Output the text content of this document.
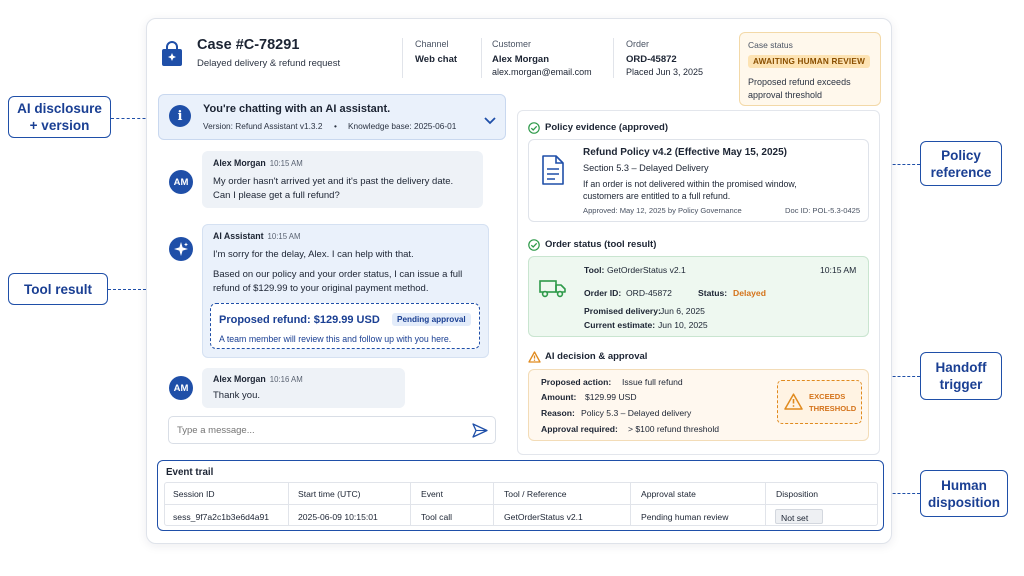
AI disclosure + version
Tool result
Policy reference
Handoff trigger
Human disposition
Case #C-78291
Delayed delivery & refund request
Channel
Web chat
Customer
Alex Morgan
alex.morgan@email.com
Order
ORD-45872
Placed Jun 3, 2025
Case status
AWAITING HUMAN REVIEW
Proposed refund exceeds approval threshold
i	You're chatting with an AI assistant.
Version: Refund Assistant v1.3.2 • Knowledge base: 2025-06-01
AM
Alex Morgan 10:15 AM
My order hasn't arrived yet and it's past the delivery date.
Can I please get a full refund?
AI Assistant 10:15 AM
I'm sorry for the delay, Alex. I can help with that.
Based on our policy and your order status, I can issue a full
refund of $129.99 to your original payment method.
Proposed refund: $129.99 USD	Pending approval
A team member will review this and follow up with you here.
AM
Alex Morgan 10:16 AM
Thank you.
Type a message...
Policy evidence (approved)
Refund Policy v4.2 (Effective May 15, 2025)
Section 5.3 – Delayed Delivery
If an order is not delivered within the promised window,
customers are entitled to a full refund.
Approved: May 12, 2025 by Policy Governance	Doc ID: POL-5.3-0425
Order status (tool result)
Tool: GetOrderStatus v2.1	10:15 AM
Order ID: ORD-45872	Status: Delayed
Promised delivery: Jun 6, 2025
Current estimate: Jun 10, 2025
AI decision & approval
Proposed action: Issue full refund
Amount: $129.99 USD
Reason: Policy 5.3 – Delayed delivery
Approval required: > $100 refund threshold
EXCEEDS
THRESHOLD
Event trail
Session ID	Start time (UTC)	Event	Tool / Reference	Approval state	Disposition
sess_9f7a2c1b3e6d4a91	2025-06-09 10:15:01	Tool call	GetOrderStatus v2.1	Pending human review	Not set
